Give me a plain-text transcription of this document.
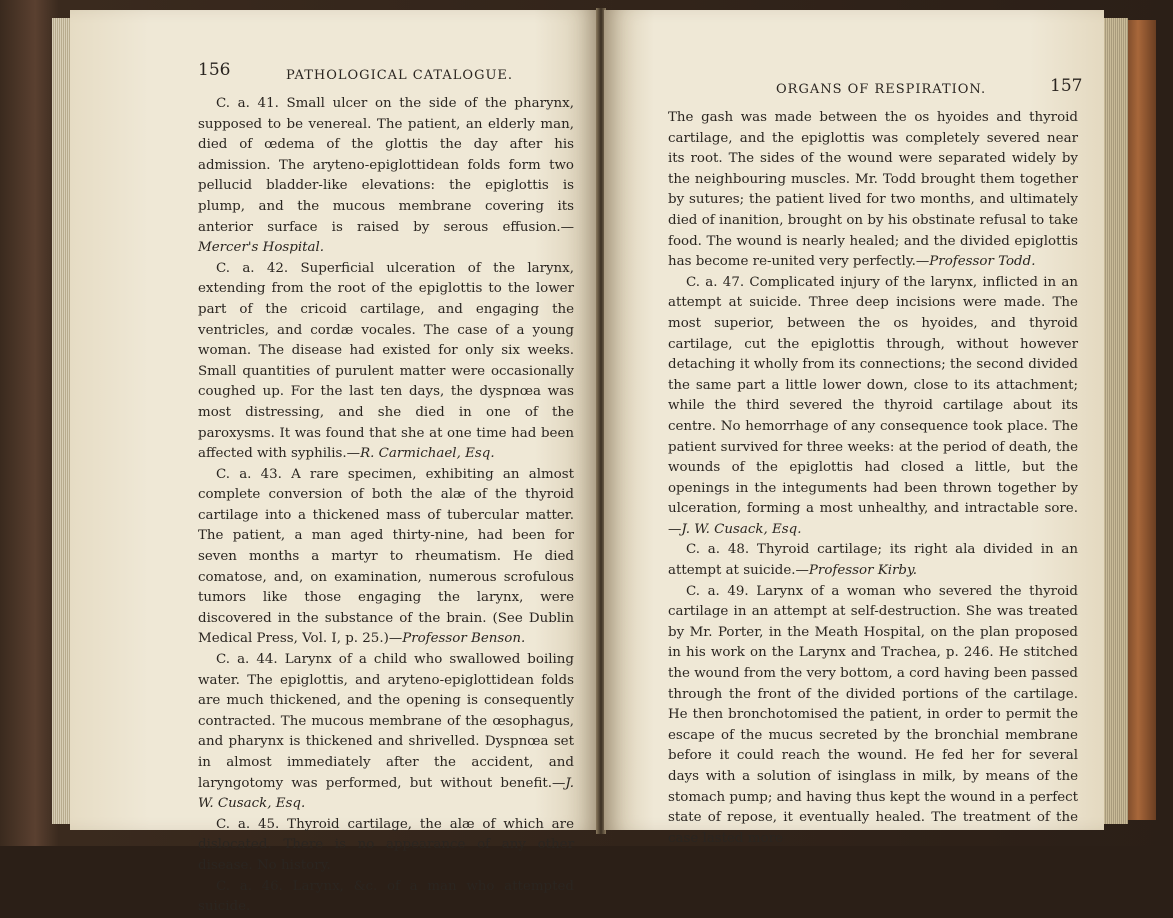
156	PATHOLOGICAL CATALOGUE.

C. a. 41. Small ulcer on the side of the pharynx, supposed to be venereal. The patient, an elderly man, died of œdema of the glottis the day after his admission. The aryteno-epiglottidean folds form two pellucid bladder-like elevations: the epiglottis is plump, and the mucous membrane covering its anterior surface is raised by serous effusion.—Mercer's Hospital.

C. a. 42. Superficial ulceration of the larynx, extending from the root of the epiglottis to the lower part of the cricoid cartilage, and engaging the ventricles, and cordæ vocales. The case of a young woman. The disease had existed for only six weeks. Small quantities of purulent matter were occasionally coughed up. For the last ten days, the dyspnœa was most distressing, and she died in one of the paroxysms. It was found that she at one time had been affected with syphilis.—R. Carmichael, Esq.

C. a. 43. A rare specimen, exhibiting an almost complete conversion of both the alæ of the thyroid cartilage into a thickened mass of tubercular matter. The patient, a man aged thirty-nine, had been for seven months a martyr to rheumatism. He died comatose, and, on examination, numerous scrofulous tumors like those engaging the larynx, were discovered in the substance of the brain. (See Dublin Medical Press, Vol. I, p. 25.)—Professor Benson.

C. a. 44. Larynx of a child who swallowed boiling water. The epiglottis, and aryteno-epiglottidean folds are much thickened, and the opening is consequently contracted. The mucous membrane of the œsophagus, and pharynx is thickened and shrivelled. Dyspnœa set in almost immediately after the accident, and laryngotomy was performed, but without benefit.—J. W. Cusack, Esq.

C. a. 45. Thyroid cartilage, the alæ of which are dislocated. There is no appearance of any other disease. No history.

C. a. 46. Larynx, &c. of a man who attempted suicide.

ORGANS OF RESPIRATION.	157

The gash was made between the os hyoides and thyroid cartilage, and the epiglottis was completely severed near its root. The sides of the wound were separated widely by the neighbouring muscles. Mr. Todd brought them together by sutures; the patient lived for two months, and ultimately died of inanition, brought on by his obstinate refusal to take food. The wound is nearly healed; and the divided epiglottis has become re-united very perfectly.—Professor Todd.

C. a. 47. Complicated injury of the larynx, inflicted in an attempt at suicide. Three deep incisions were made. The most superior, between the os hyoides, and thyroid cartilage, cut the epiglottis through, without however detaching it wholly from its connections; the second divided the same part a little lower down, close to its attachment; while the third severed the thyroid cartilage about its centre. No hemorrhage of any consequence took place. The patient survived for three weeks: at the period of death, the wounds of the epiglottis had closed a little, but the openings in the integuments had been thrown together by ulceration, forming a most unhealthy, and intractable sore.—J. W. Cusack, Esq.

C. a. 48. Thyroid cartilage; its right ala divided in an attempt at suicide.—Professor Kirby.

C. a. 49. Larynx of a woman who severed the thyroid cartilage in an attempt at self-destruction. She was treated by Mr. Porter, in the Meath Hospital, on the plan proposed in his work on the Larynx and Trachea, p. 246. He stitched the wound from the very bottom, a cord having been passed through the front of the divided portions of the cartilage. He then bronchotomised the patient, in order to permit the escape of the mucus secreted by the bronchial membrane before it could reach the wound. He fed her for several days with a solution of isinglass in milk, by means of the stomach pump; and having thus kept the wound in a perfect state of repose, it eventually healed. The treatment of the case lasted more
